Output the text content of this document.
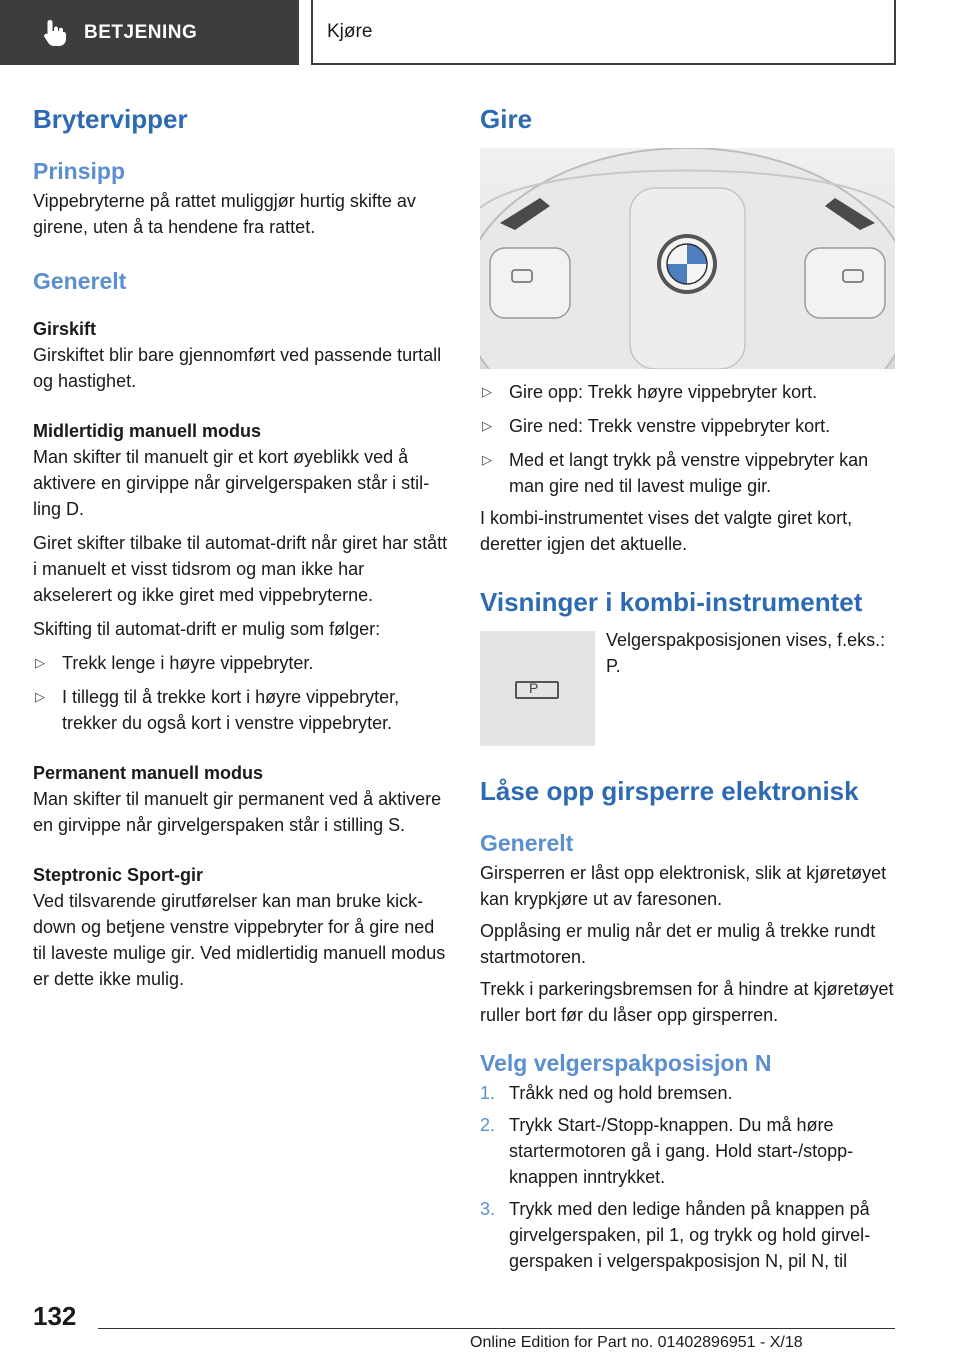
BETJENING	Kjøre
Brytervipper
Prinsipp

Vippebryterne på rattet muliggjør hurtig skifte av girene, uten å ta hendene fra rattet.

Generelt
Girskift

Girskiftet blir bare gjennomført ved passende turtall og hastighet.

Midlertidig manuell modus

Man skifter til manuelt gir et kort øyeblikk ved å aktivere en girvippe når girvelgerspaken står i stilling D.

Giret skifter tilbake til automat-drift når giret har stått i manuelt et visst tidsrom og man ikke har akselerert og ikke giret med vippebryterne.

Skifting til automat-drift er mulig som følger:

▷ Trekk lenge i høyre vippebryter.
▷ I tillegg til å trekke kort i høyre vippebryter, trekker du også kort i venstre vippebryter.
Permanent manuell modus

Man skifter til manuelt gir permanent ved å aktivere en girvippe når girvelgerspaken står i stilling S.

Steptronic Sport-gir

Ved tilsvarende girutførelser kan man bruke kickdown og betjene venstre vippebryter for å gire ned til laveste mulige gir. Ved midlertidig manuell modus er dette ikke mulig.

Gire
▷ Gire opp: Trekk høyre vippebryter kort.
▷ Gire ned: Trekk venstre vippebryter kort.
▷ Med et langt trykk på venstre vippebryter kan man gire ned til lavest mulige gir.

I kombi-instrumentet vises det valgte giret kort, deretter igjen det aktuelle.

Visninger i kombi-instrumentet
P

Velgerspakposisjonen vises, f.eks.: P.

Låse opp girsperre elektronisk
Generelt

Girsperren er låst opp elektronisk, slik at kjøretøyet kan krypkjøre ut av faresonen.

Opplåsing er mulig når det er mulig å trekke rundt startmotoren.

Trekk i parkeringsbremsen for å hindre at kjøretøyet ruller bort før du låser opp girsperren.

Velg velgerspakposisjon N
1. Tråkk ned og hold bremsen.
2. Trykk Start-/Stopp-knappen. Du må høre startermotoren gå i gang. Hold start-/stopp-knappen inntrykket.
3. Trykk med den ledige hånden på knappen på girvelgerspaken, pil 1, og trykk og hold girvelgerspaken i velgerspakposisjon N, pil N, til
132
Online Edition for Part no. 01402896951 - X/18
